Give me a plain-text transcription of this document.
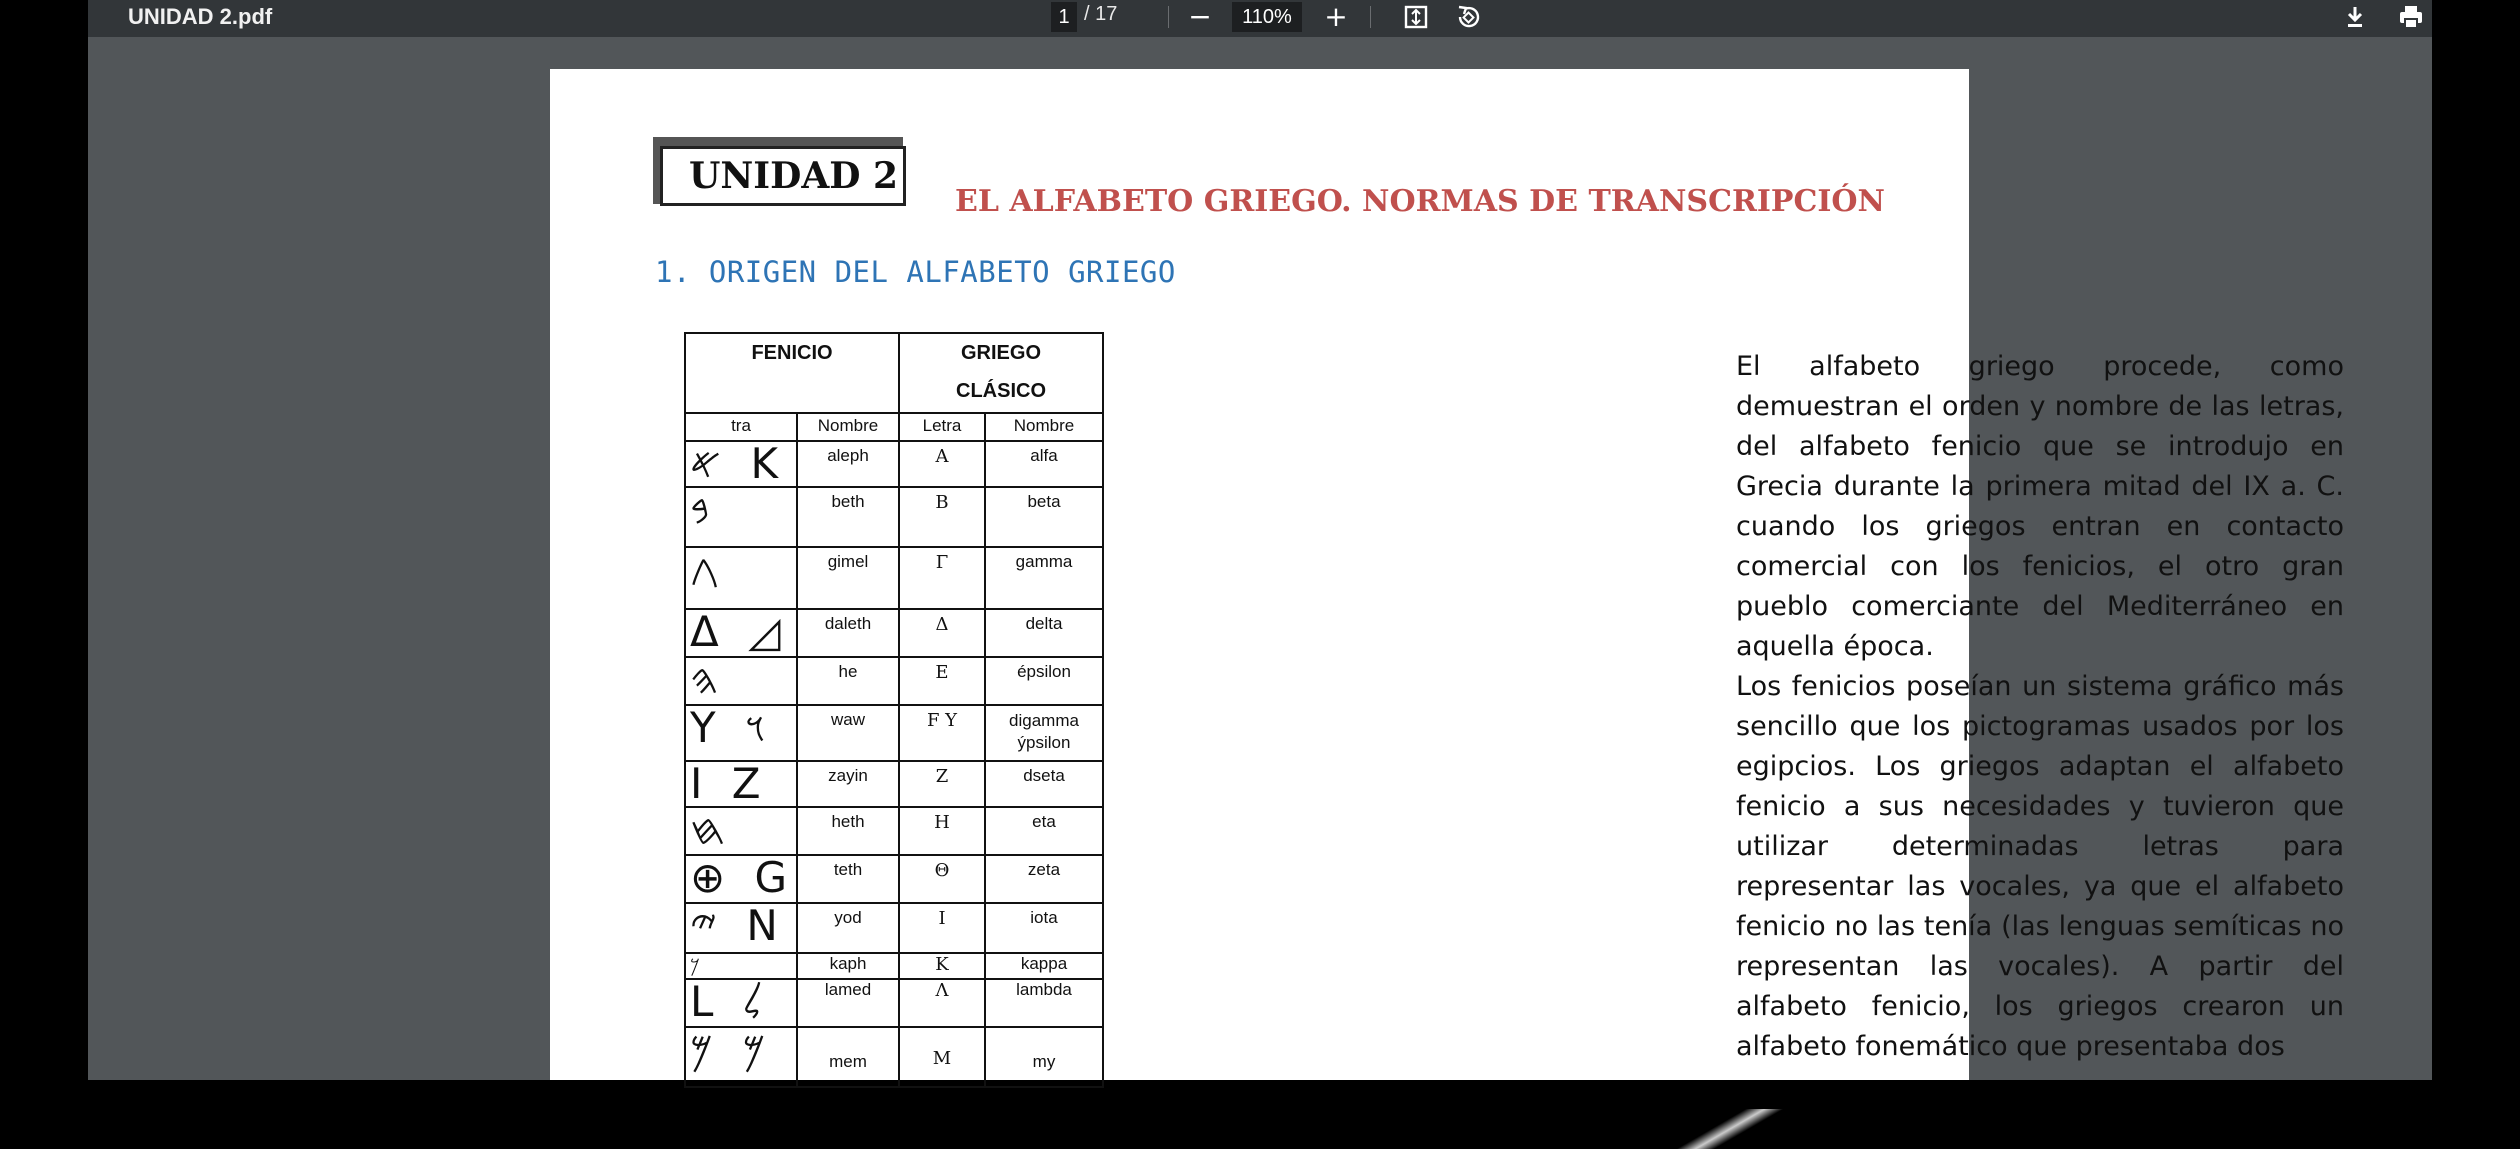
UNIDAD 2.pdf	1 / 17	−	110%	+
UNIDAD 2
EL ALFABETO GRIEGO. NORMAS DE TRANSCRIPCIÓN
1. ORIGEN DEL ALFABETO GRIEGO
FENICIO		GRIEGO CLÁSICO	
tra	Nombre	Letra	Nombre
𐤀 K	aleph	A	alfa
𐤁	beth	B	beta
𐤂	gimel	Γ	gamma
Δ ◿	daleth	Δ	delta
𐤄	he	E	épsilon
Y 𐤅	waw	F Y	digamma ýpsilon
I Z	zayin	Z	dseta
𐤇	heth	H	eta
⊕ G	teth	Θ	zeta
𐤉 N	yod	I	iota
𐤊	kaph	K	kappa
L 𐤋	lamed	Λ	lambda
𐤌 𐤌	mem	M	my
El alfabeto griego procede, como demuestran el orden y nombre de las letras, del alfabeto fenicio que se introdujo en Grecia durante la primera mitad del IX a. C. cuando los griegos entran en contacto comercial con los fenicios, el otro gran pueblo comerciante del Mediterráneo en aquella época.
Los fenicios poseían un sistema gráfico más sencillo que los pictogramas usados por los egipcios. Los griegos adaptan el alfabeto fenicio a sus necesidades y tuvieron que utilizar determinadas letras para representar las vocales, ya que el alfabeto fenicio no las tenía (las lenguas semíticas no representan las vocales). A partir del alfabeto fenicio, los griegos crearon un alfabeto fonemático que presentaba dos
